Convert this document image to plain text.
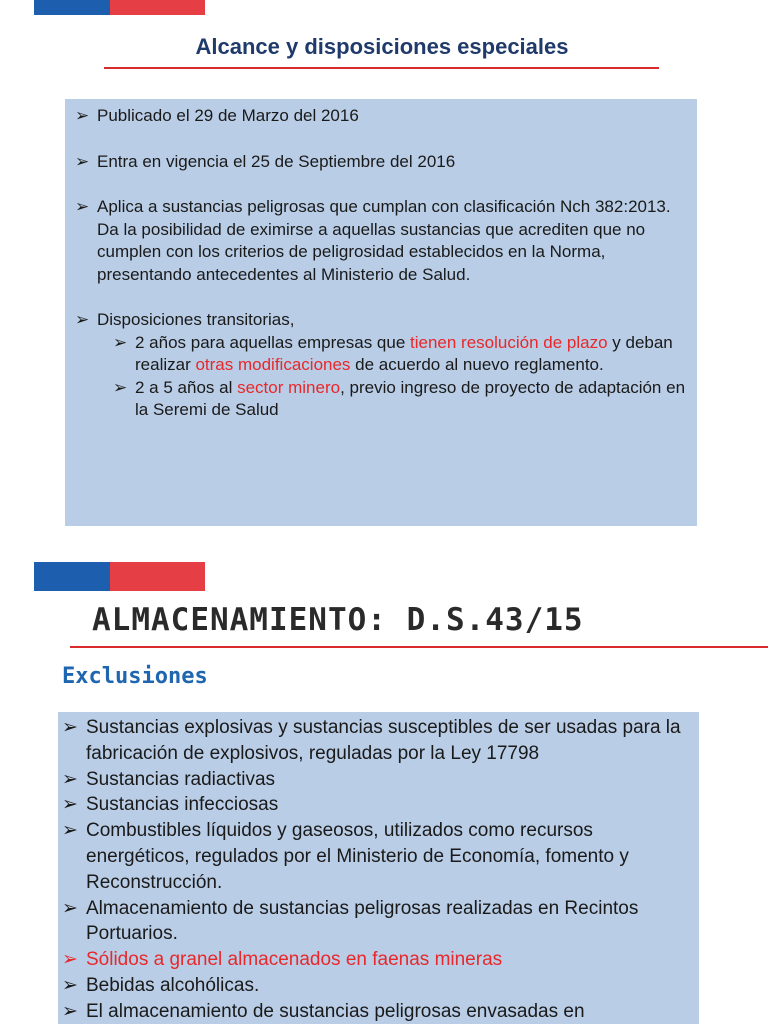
Alcance y disposiciones especiales
➢ Publicado el 29 de Marzo del 2016
➢ Entra en vigencia el 25 de Septiembre del 2016
➢ Aplica a sustancias peligrosas que cumplan con clasificación Nch 382:2013. Da la posibilidad de eximirse a aquellas sustancias que acrediten que no cumplen con los criterios de peligrosidad establecidos en la Norma, presentando antecedentes al Ministerio de Salud.
➢ Disposiciones transitorias,
➢ 2 años para aquellas empresas que tienen resolución de plazo y deban realizar otras modificaciones de acuerdo al nuevo reglamento.
➢ 2 a 5 años al sector minero, previo ingreso de proyecto de adaptación en la Seremi de Salud
ALMACENAMIENTO: D.S.43/15
Exclusiones
➢ Sustancias explosivas y sustancias susceptibles de ser usadas para la fabricación de explosivos, reguladas por la Ley 17798
➢ Sustancias radiactivas
➢ Sustancias infecciosas
➢ Combustibles líquidos y gaseosos, utilizados como recursos energéticos, regulados por el Ministerio de Economía, fomento y Reconstrucción.
➢ Almacenamiento de sustancias peligrosas realizadas en Recintos Portuarios.
➢ Sólidos a granel almacenados en faenas mineras
➢ Bebidas alcohólicas.
➢ El almacenamiento de sustancias peligrosas envasadas en
